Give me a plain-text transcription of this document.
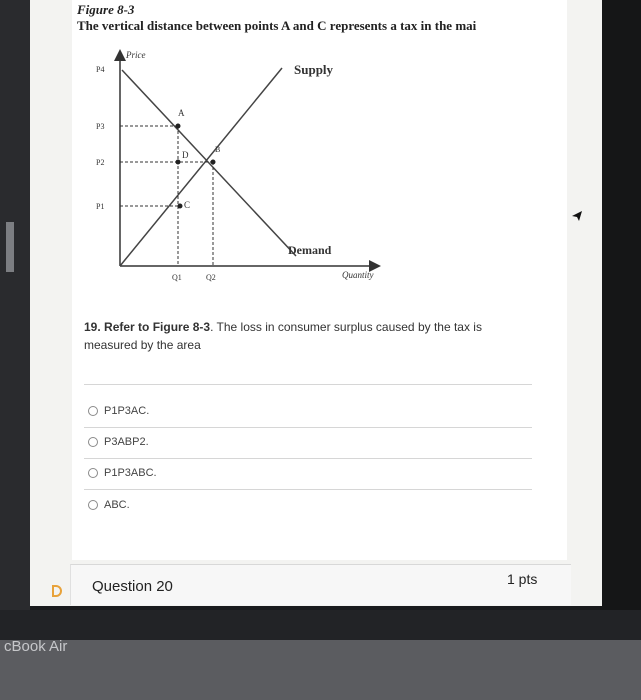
cBook Air
Figure 8-3
The vertical distance between points A and C represents a tax in the mai
Price
Quantity
Supply
Demand
A
B
C
D
P4
P3
P2
P1
Q1	Q2
19. Refer to Figure 8-3. The loss in consumer surplus caused by the tax is measured by the area
P1P3AC.
P3ABP2.
P1P3ABC.
ABC.
Question 20	1 pts
